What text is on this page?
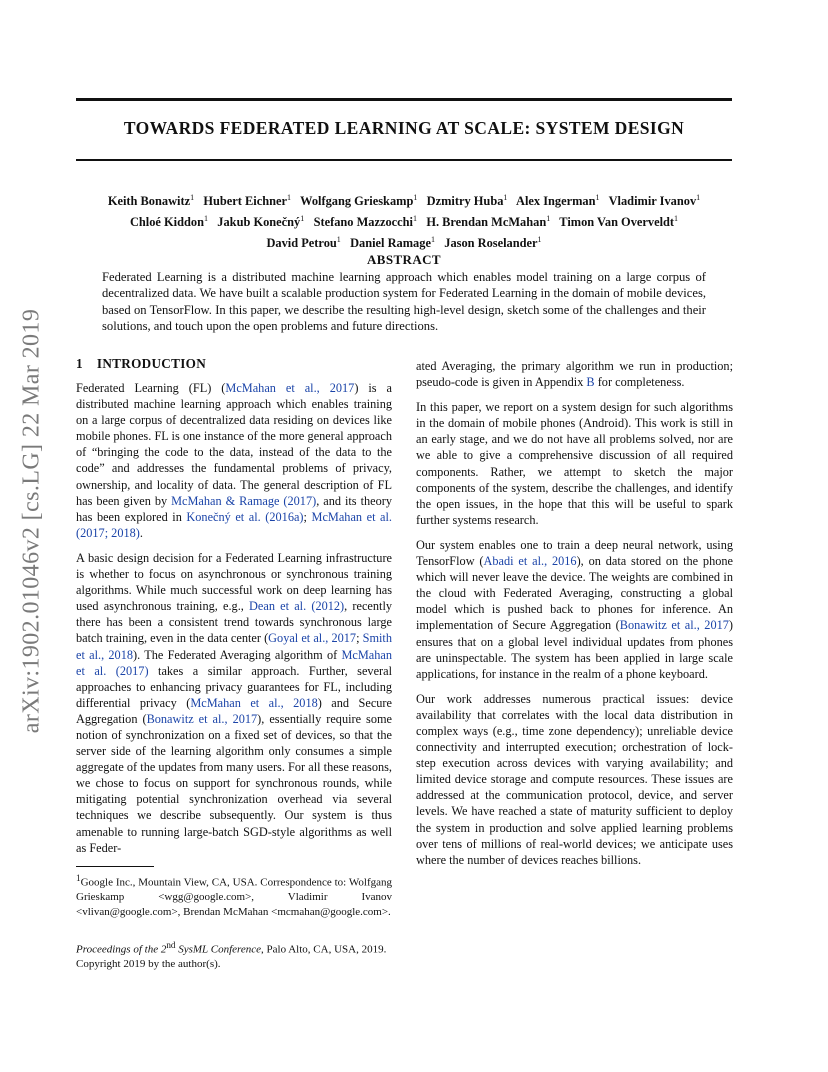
arXiv:1902.01046v2 [cs.LG] 22 Mar 2019
TOWARDS FEDERATED LEARNING AT SCALE: SYSTEM DESIGN
Keith Bonawitz$^1$ Hubert Eichner$^1$ Wolfgang Grieskamp$^1$ Dzmitry Huba$^1$ Alex Ingerman$^1$ Vladimir Ivanov$^1$
Chloé Kiddon$^1$ Jakub Konečný$^1$ Stefano Mazzocchi$^1$ H. Brendan McMahan$^1$ Timon Van Overveldt$^1$
David Petrou$^1$ Daniel Ramage$^1$ Jason Roselander$^1$
ABSTRACT
Federated Learning is a distributed machine learning approach which enables model training on a large corpus of decentralized data. We have built a scalable production system for Federated Learning in the domain of mobile devices, based on TensorFlow. In this paper, we describe the resulting high-level design, sketch some of the challenges and their solutions, and touch upon the open problems and future directions.
1 INTRODUCTION

Federated Learning (FL) (McMahan et al., 2017) is a distributed machine learning approach which enables training on a large corpus of decentralized data residing on devices like mobile phones. FL is one instance of the more general approach of “bringing the code to the data, instead of the data to the code” and addresses the fundamental problems of privacy, ownership, and locality of data. The general description of FL has been given by McMahan & Ramage (2017), and its theory has been explored in Konečný et al. (2016a); McMahan et al. (2017; 2018).

A basic design decision for a Federated Learning infrastructure is whether to focus on asynchronous or synchronous training algorithms. While much successful work on deep learning has used asynchronous training, e.g., Dean et al. (2012), recently there has been a consistent trend towards synchronous large batch training, even in the data center (Goyal et al., 2017; Smith et al., 2018). The Federated Averaging algorithm of McMahan et al. (2017) takes a similar approach. Further, several approaches to enhancing privacy guarantees for FL, including differential privacy (McMahan et al., 2018) and Secure Aggregation (Bonawitz et al., 2017), essentially require some notion of synchronization on a fixed set of devices, so that the server side of the learning algorithm only consumes a simple aggregate of the updates from many users. For all these reasons, we chose to focus on support for synchronous rounds, while mitigating potential synchronization overhead via several techniques we describe subsequently. Our system is thus amenable to running large-batch SGD-style algorithms as well as Feder-

ated Averaging, the primary algorithm we run in production; pseudo-code is given in Appendix B for completeness.

In this paper, we report on a system design for such algorithms in the domain of mobile phones (Android). This work is still in an early stage, and we do not have all problems solved, nor are we able to give a comprehensive discussion of all required components. Rather, we attempt to sketch the major components of the system, describe the challenges, and identify the open issues, in the hope that this will be useful to spark further systems research.

Our system enables one to train a deep neural network, using TensorFlow (Abadi et al., 2016), on data stored on the phone which will never leave the device. The weights are combined in the cloud with Federated Averaging, constructing a global model which is pushed back to phones for inference. An implementation of Secure Aggregation (Bonawitz et al., 2017) ensures that on a global level individual updates from phones are uninspectable. The system has been applied in large scale applications, for instance in the realm of a phone keyboard.

Our work addresses numerous practical issues: device availability that correlates with the local data distribution in complex ways (e.g., time zone dependency); unreliable device connectivity and interrupted execution; orchestration of lock-step execution across devices with varying availability; and limited device storage and compute resources. These issues are addressed at the communication protocol, device, and server levels. We have reached a state of maturity sufficient to deploy the system in production and solve applied learning problems over tens of millions of real-world devices; we anticipate uses where the number of devices reaches billions.

$^1$Google Inc., Mountain View, CA, USA. Correspondence to: Wolfgang Grieskamp <wgg@google.com>, Vladimir Ivanov <vlivan@google.com>, Brendan McMahan <mcmahan@google.com>.
Proceedings of the 2nd SysML Conference, Palo Alto, CA, USA, 2019. Copyright 2019 by the author(s).
